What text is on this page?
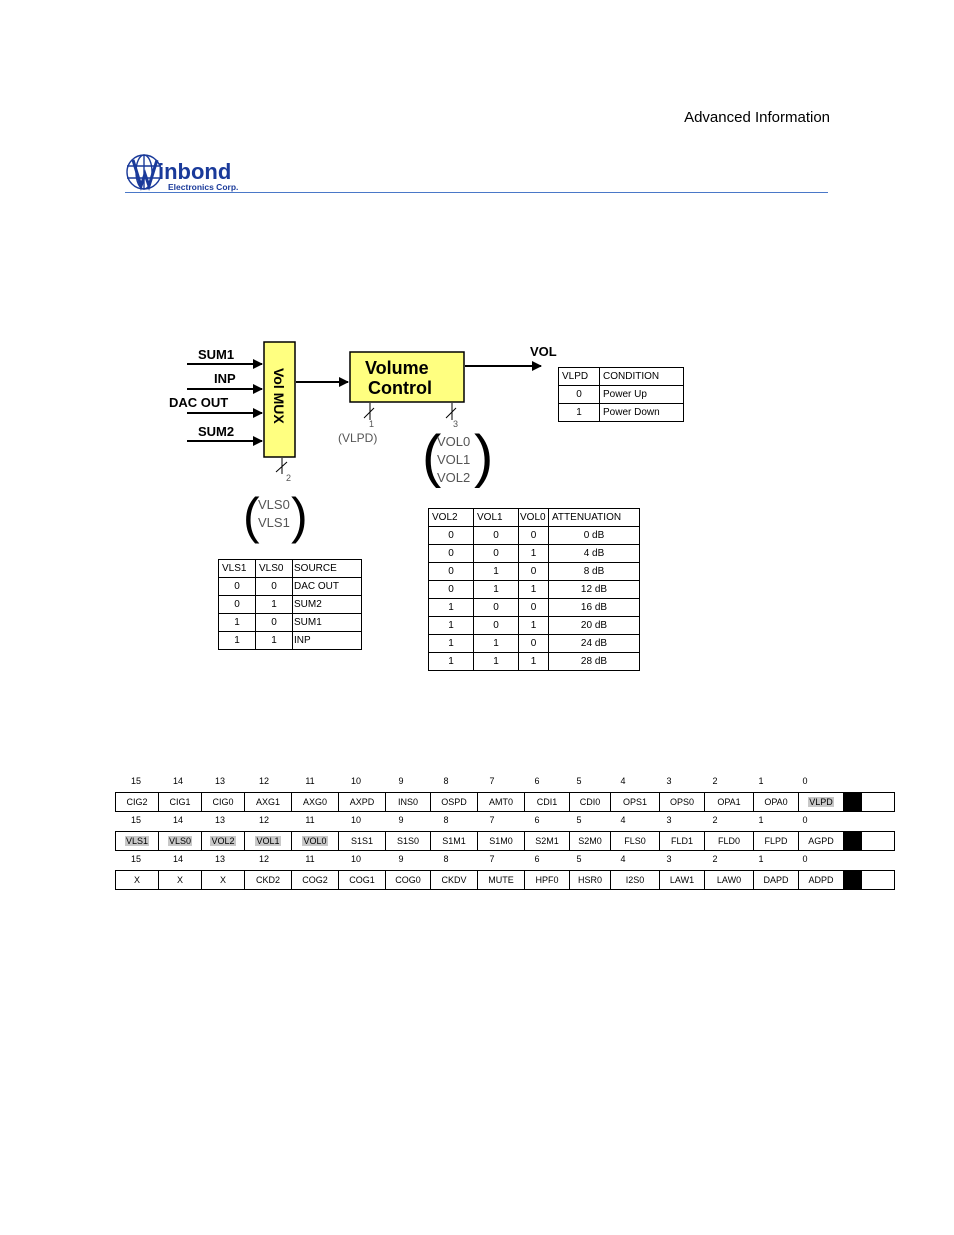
Advanced Information
inbond
Electronics Corp.
SUM1
INP
DAC OUT
SUM2
Vol MUX	Volume
Control
VOL
1
(VLPD)
2
( )
VLS0
VLS1
3
( )
VOL0
VOL1
VOL2
VLPD	CONDITION
0	Power Up
1	Power Down
VLS1	VLS0	SOURCE
0	0	DAC OUT
0	1	SUM2
1	0	SUM1
1	1	INP
VOL2	VOL1	VOL0	ATTENUATION
0	0	0	0 dB
0	0	1	4 dB
0	1	0	8 dB
0	1	1	12 dB
1	0	0	16 dB
1	0	1	20 dB
1	1	0	24 dB
1	1	1	28 dB
15	14	13	12	11	10	9	8	7	6	5	4	3	2	1	0
CIG2	CIG1	CIG0	AXG1	AXG0	AXPD	INS0	OSPD	AMT0	CDI1	CDI0	OPS1	OPS0	OPA1	OPA0	VLPD		
15	14	13	12	11	10	9	8	7	6	5	4	3	2	1	0
VLS1	VLS0	VOL2	VOL1	VOL0	S1S1	S1S0	S1M1	S1M0	S2M1	S2M0	FLS0	FLD1	FLD0	FLPD	AGPD		
15	14	13	12	11	10	9	8	7	6	5	4	3	2	1	0
X	X	X	CKD2	COG2	COG1	COG0	CKDV	MUTE	HPF0	HSR0	I2S0	LAW1	LAW0	DAPD	ADPD		
